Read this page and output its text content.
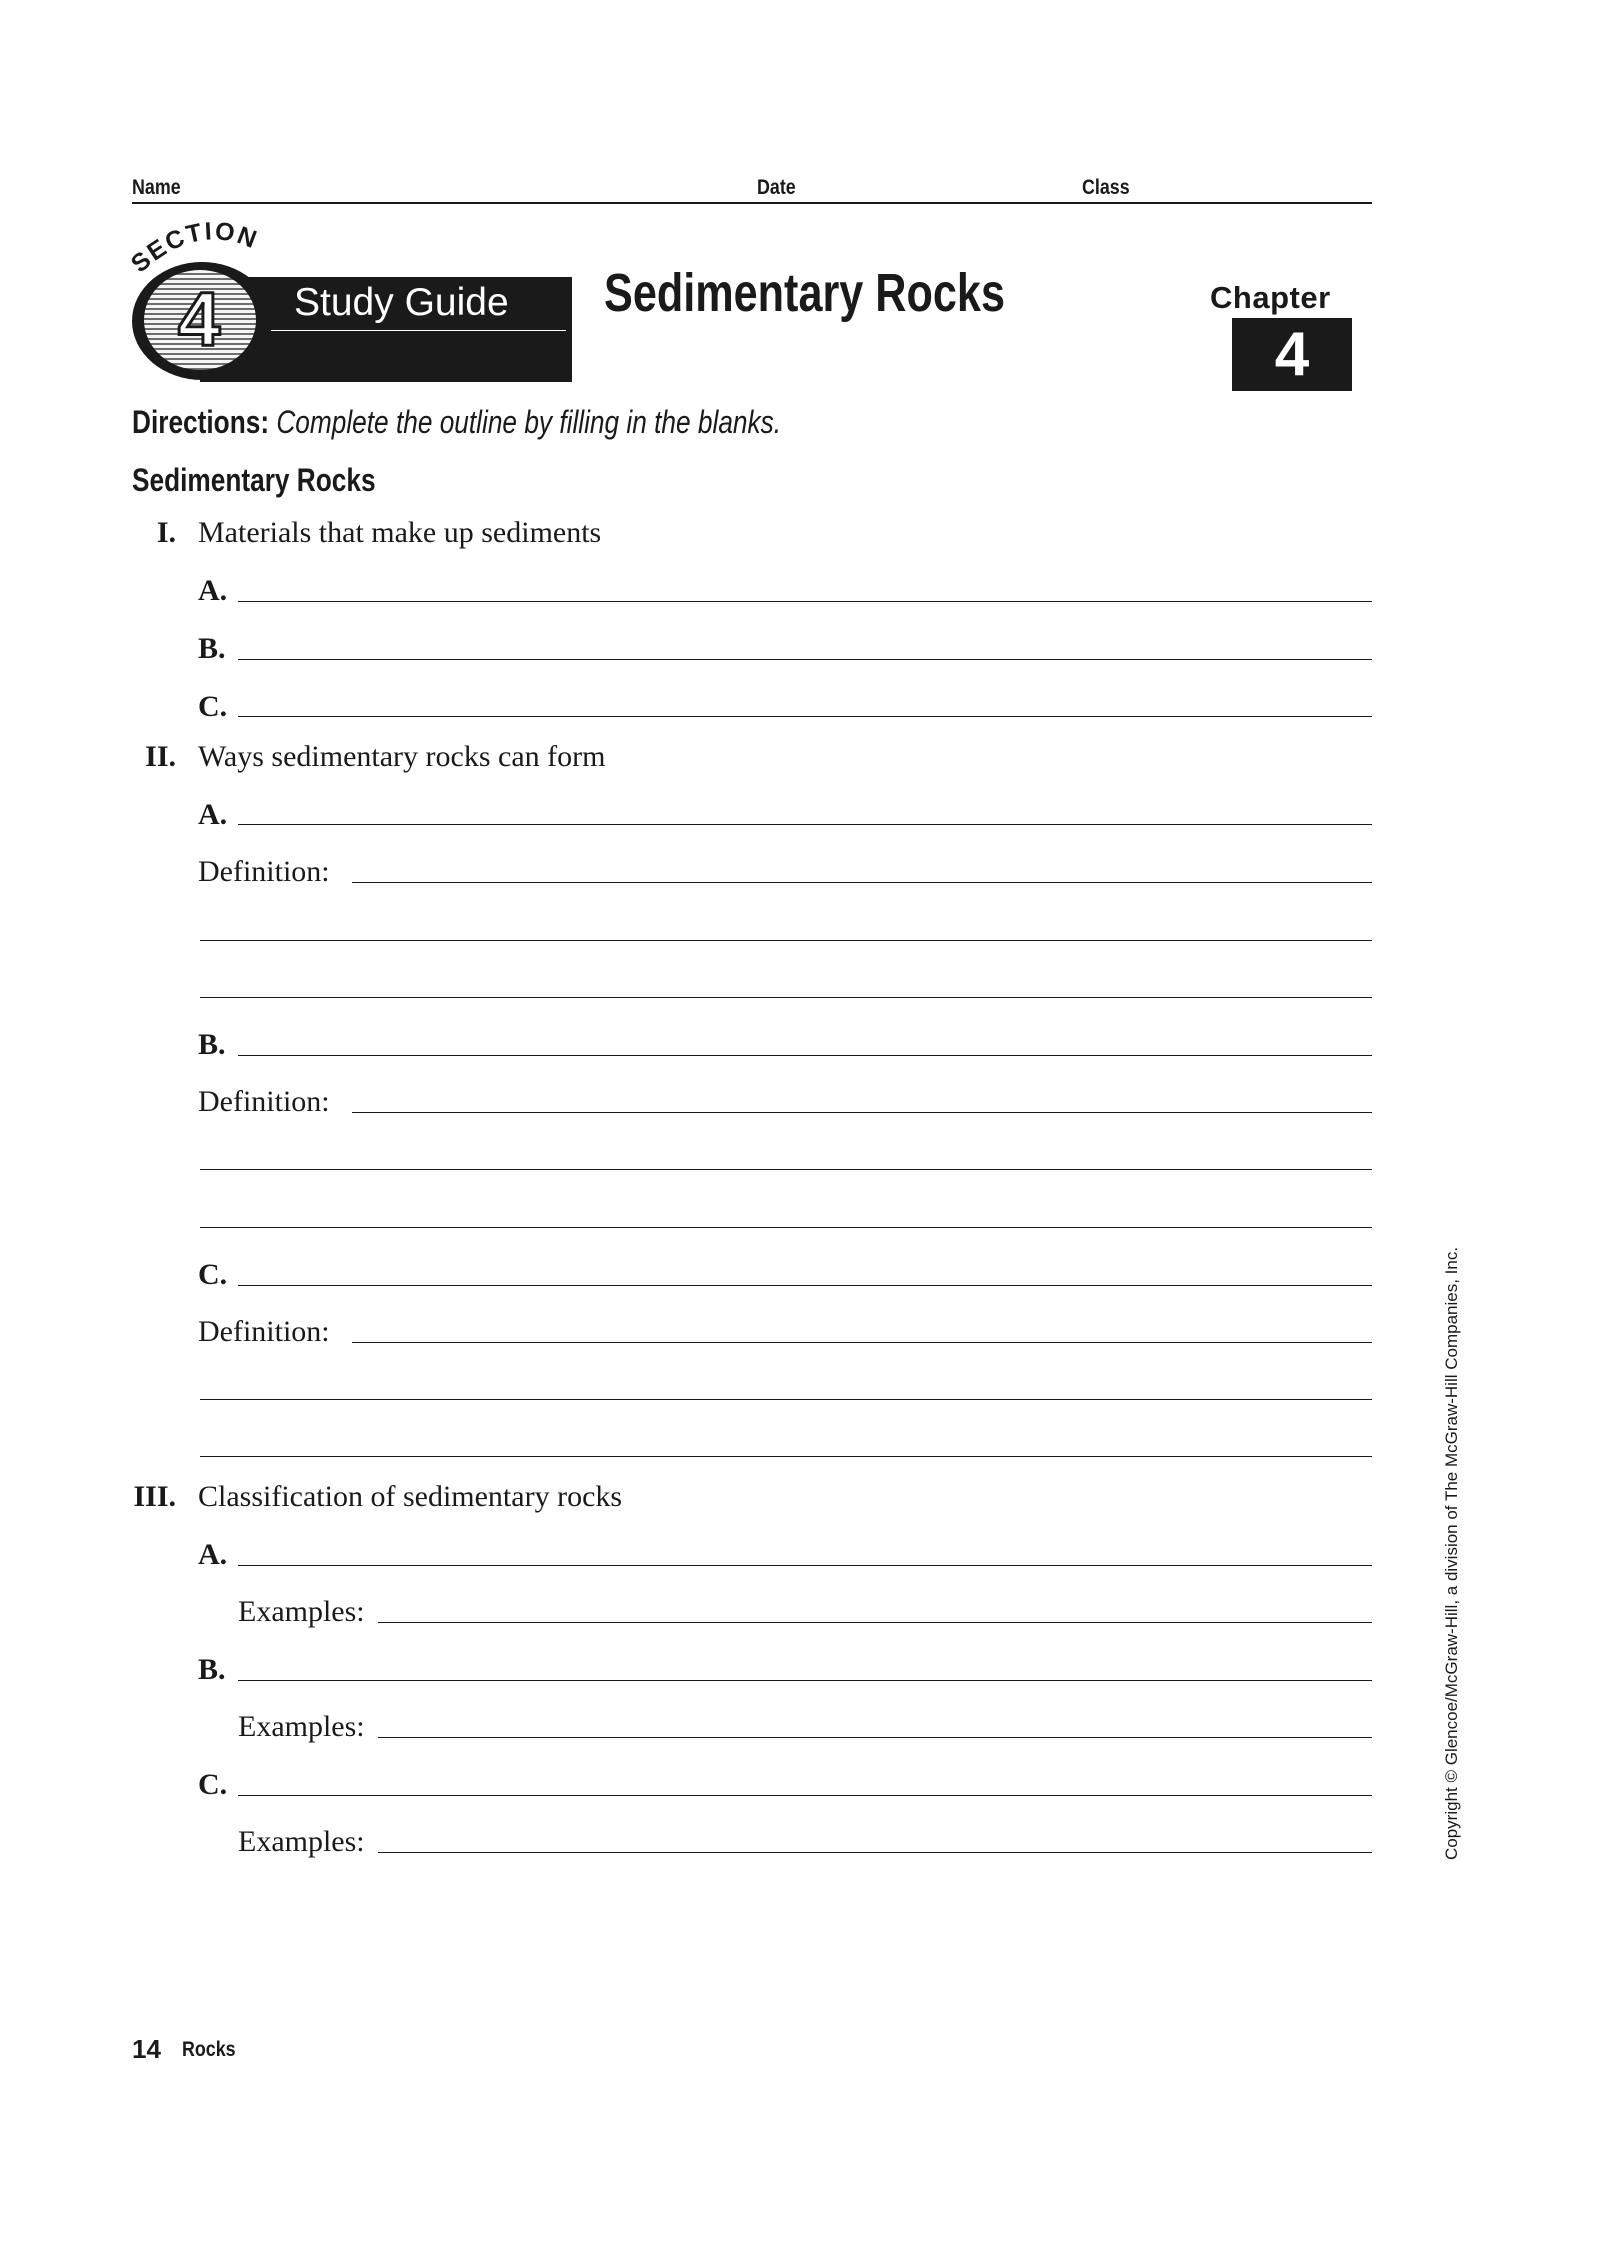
Name	Date	Class
Study Guide
4
SECTION
Sedimentary Rocks	Chapter
4
Directions: Complete the outline by filling in the blanks.
Sedimentary Rocks
I. Materials that make up sediments
A.
B.
C.
II. Ways sedimentary rocks can form
A.
Definition:
B.
Definition:
C.
Definition:
III. Classification of sedimentary rocks
A.
Examples:
B.
Examples:
C.
Examples:	Copyright © Glencoe/McGraw-Hill, a division of The McGraw-Hill Companies, Inc.
14 Rocks
